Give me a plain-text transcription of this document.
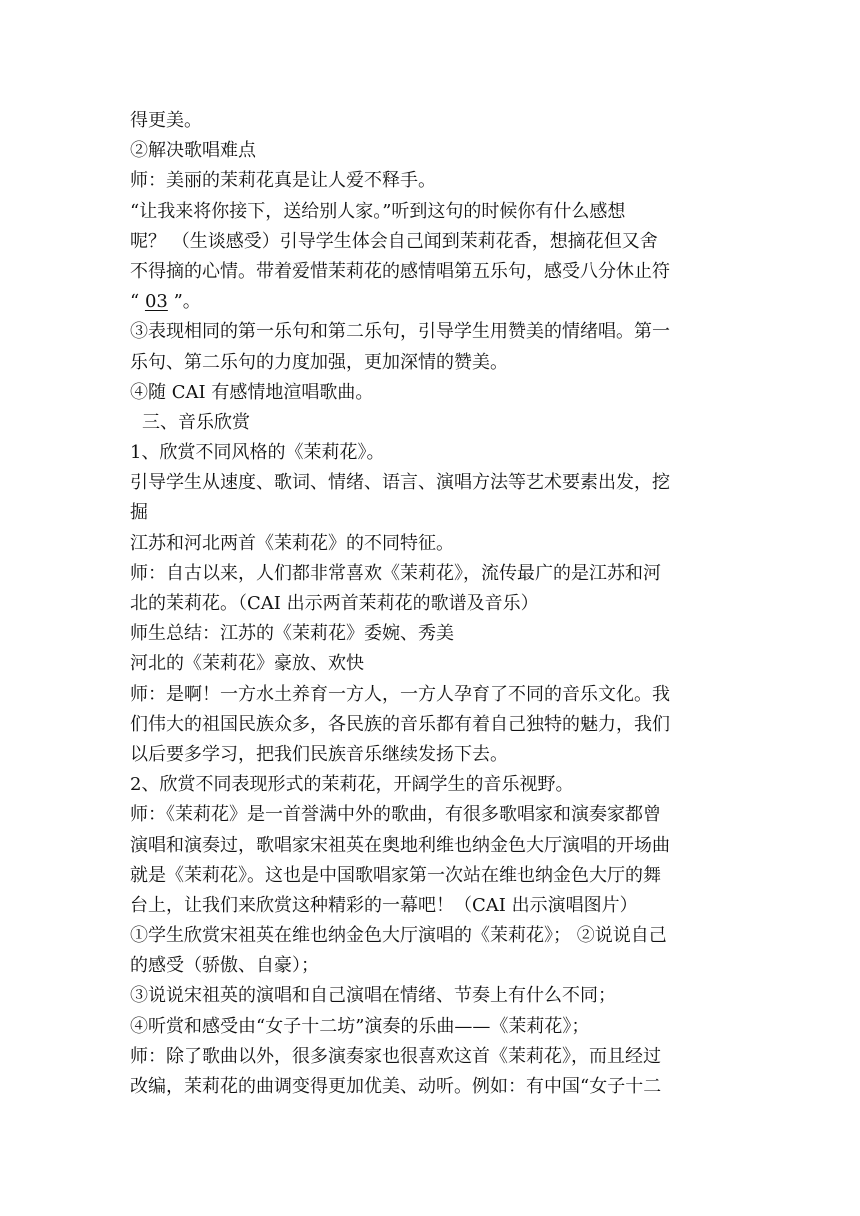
得更美。
②解决歌唱难点
师：美丽的茉莉花真是让人爱不释手。
“让我来将你接下，送给别人家。”听到这句的时候你有什么感想
呢？ （生谈感受）引导学生体会自己闻到茉莉花香，想摘花但又舍
不得摘的心情。带着爱惜茉莉花的感情唱第五乐句，感受八分休止符
“ 03 ”。
③表现相同的第一乐句和第二乐句，引导学生用赞美的情绪唱。第一
乐句、第二乐句的力度加强，更加深情的赞美。
④随 CAI 有感情地渲唱歌曲。
三、音乐欣赏
1、欣赏不同风格的《茉莉花》。
引导学生从速度、歌词、情绪、语言、演唱方法等艺术要素出发，挖
掘
江苏和河北两首《茉莉花》的不同特征。
师：自古以来，人们都非常喜欢《茉莉花》，流传最广的是江苏和河
北的茉莉花。（CAI 出示两首茉莉花的歌谱及音乐）
师生总结：江苏的《茉莉花》委婉、秀美
河北的《茉莉花》豪放、欢快
师：是啊！一方水土养育一方人，一方人孕育了不同的音乐文化。我
们伟大的祖国民族众多，各民族的音乐都有着自己独特的魅力，我们
以后要多学习，把我们民族音乐继续发扬下去。
2、欣赏不同表现形式的茉莉花，开阔学生的音乐视野。
师：《茉莉花》是一首誉满中外的歌曲，有很多歌唱家和演奏家都曾
演唱和演奏过，歌唱家宋祖英在奥地利维也纳金色大厅演唱的开场曲
就是《茉莉花》。这也是中国歌唱家第一次站在维也纳金色大厅的舞
台上，让我们来欣赏这种精彩的一幕吧！（CAI 出示演唱图片）
①学生欣赏宋祖英在维也纳金色大厅演唱的《茉莉花》； ②说说自己
的感受（骄傲、自豪）；
③说说宋祖英的演唱和自己演唱在情绪、节奏上有什么不同；
④听赏和感受由“女子十二坊”演奏的乐曲——《茉莉花》；
师：除了歌曲以外，很多演奏家也很喜欢这首《茉莉花》，而且经过
改编，茉莉花的曲调变得更加优美、动听。例如：有中国“女子十二
